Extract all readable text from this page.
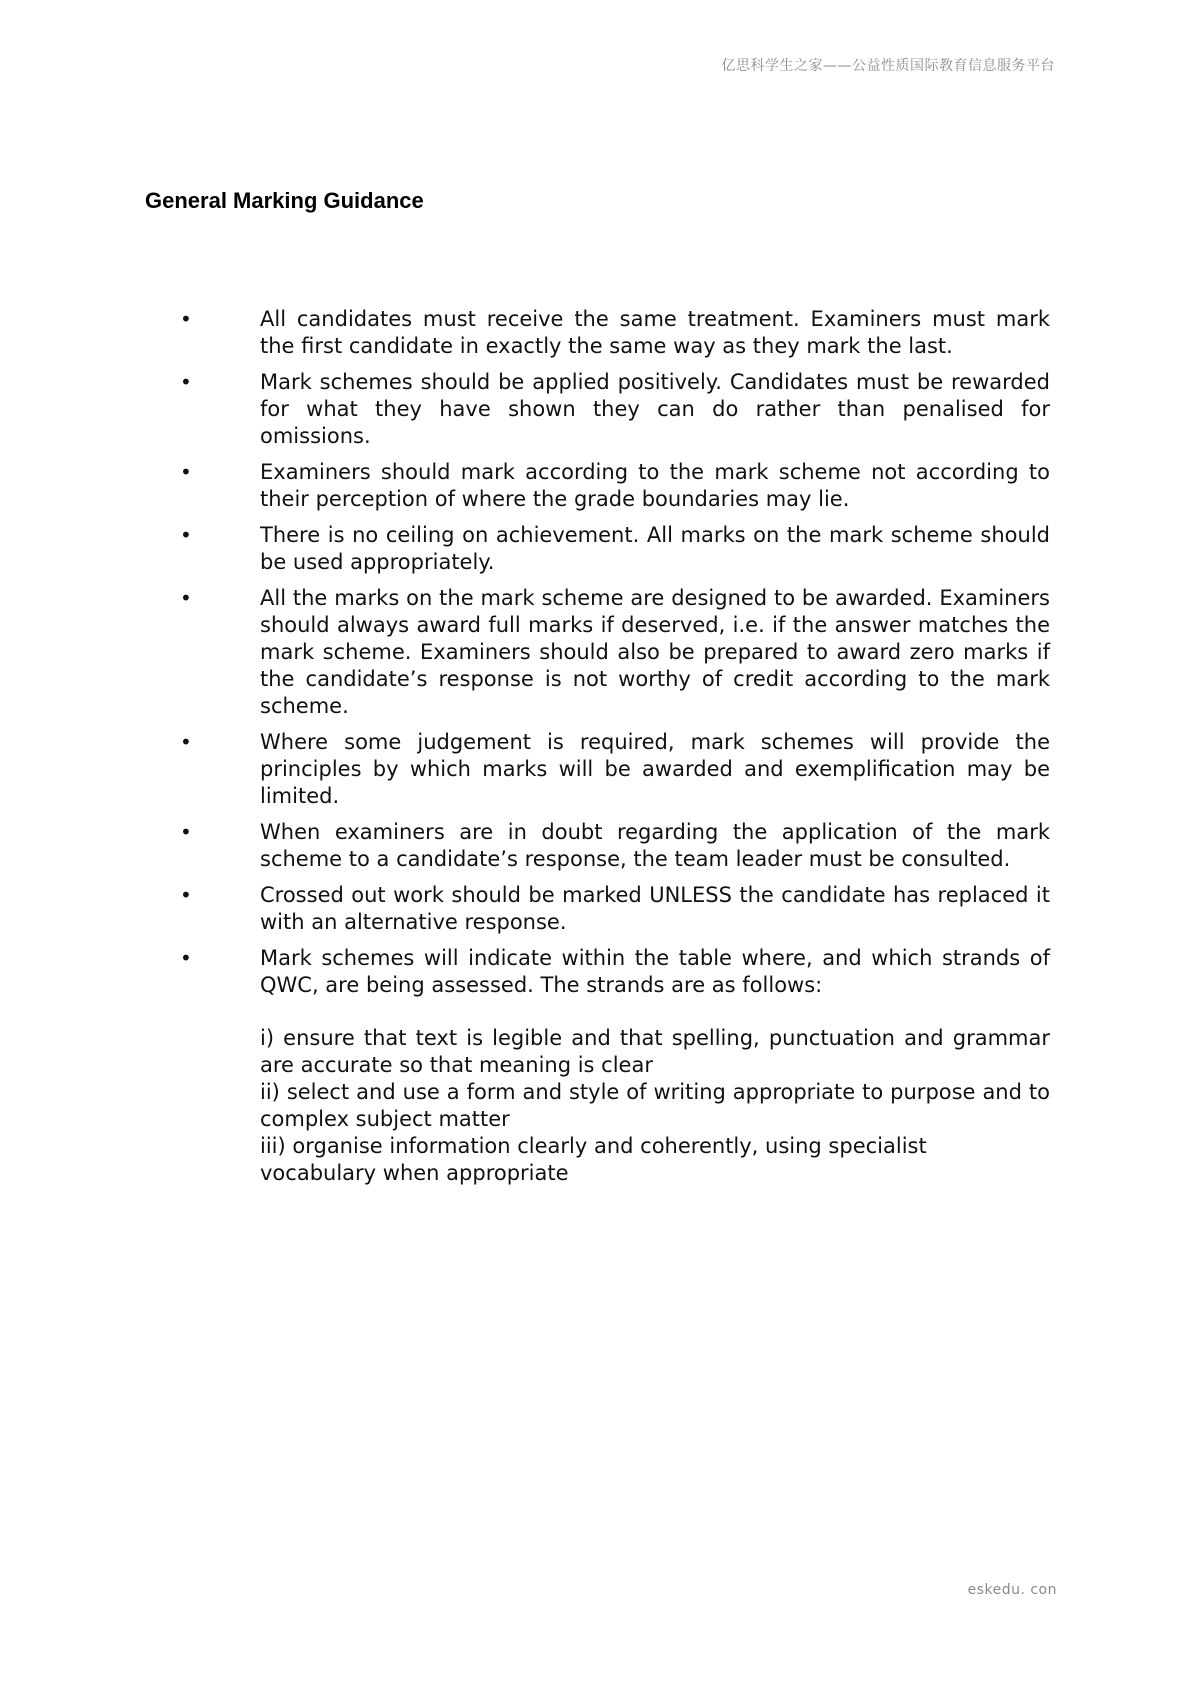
亿思科学生之家——公益性质国际教育信息服务平台
General Marking Guidance
•	All candidates must receive the same treatment. Examiners must mark the first candidate in exactly the same way as they mark the last.
•	Mark schemes should be applied positively. Candidates must be rewarded for what they have shown they can do rather than penalised for omissions.
•	Examiners should mark according to the mark scheme not according to their perception of where the grade boundaries may lie.
•	There is no ceiling on achievement. All marks on the mark scheme should be used appropriately.
•	All the marks on the mark scheme are designed to be awarded. Examiners should always award full marks if deserved, i.e. if the answer matches the mark scheme. Examiners should also be prepared to award zero marks if the candidate’s response is not worthy of credit according to the mark scheme.
•	Where some judgement is required, mark schemes will provide the principles by which marks will be awarded and exemplification may be limited.
•	When examiners are in doubt regarding the application of the mark scheme to a candidate’s response, the team leader must be consulted.
•	Crossed out work should be marked UNLESS the candidate has replaced it with an alternative response.
•	Mark schemes will indicate within the table where, and which strands of QWC, are being assessed. The strands are as follows:
i) ensure that text is legible and that spelling, punctuation and grammar are accurate so that meaning is clear
ii) select and use a form and style of writing appropriate to purpose and to complex subject matter
iii) organise information clearly and coherently, using specialist vocabulary when appropriate
eskedu. con
